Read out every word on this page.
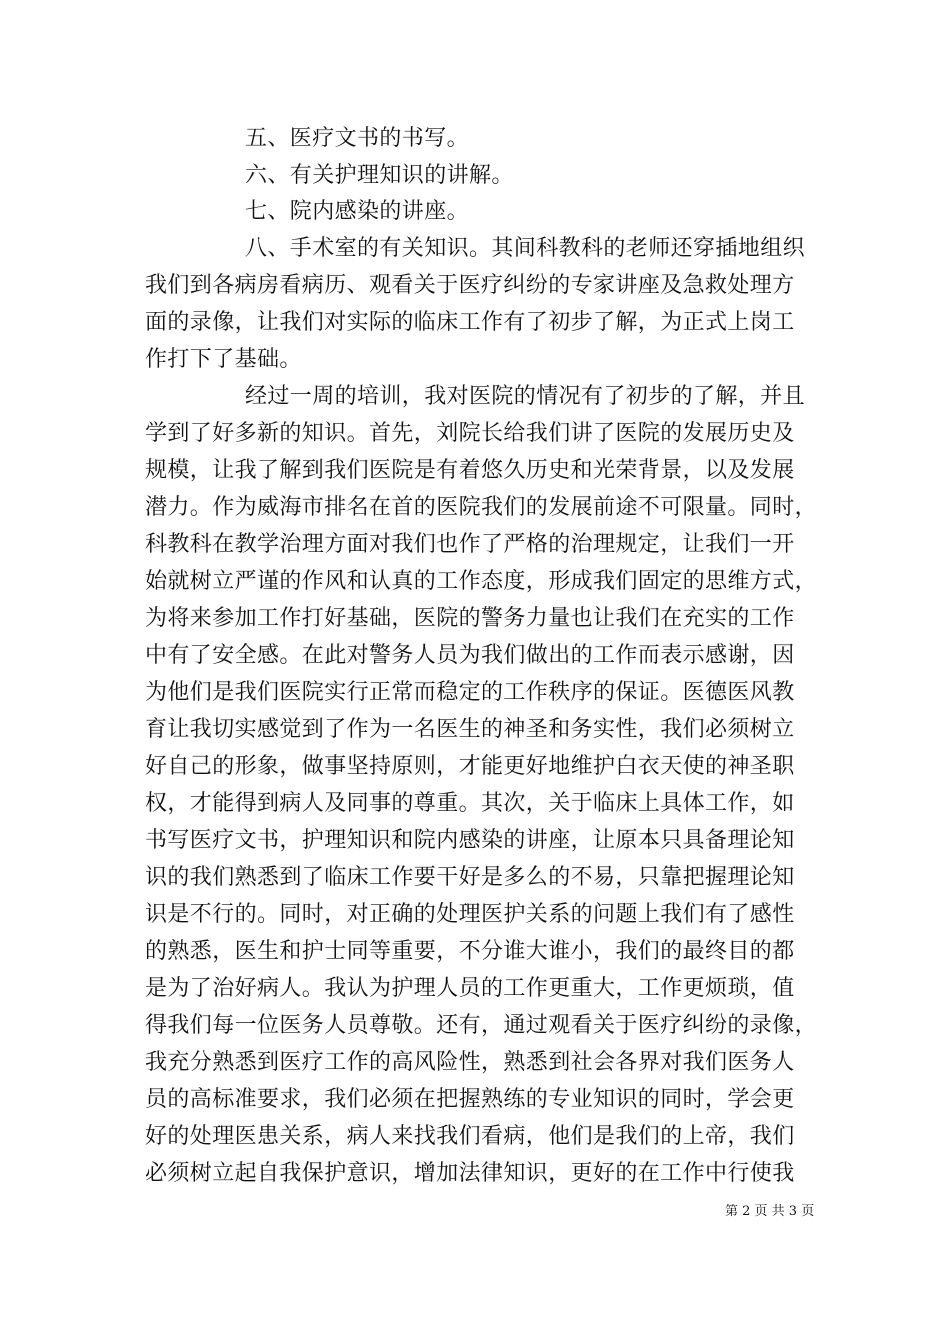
五、医疗文书的书写。
六、有关护理知识的讲解。
七、院内感染的讲座。
八、手术室的有关知识。其间科教科的老师还穿插地组织
我们到各病房看病历、观看关于医疗纠纷的专家讲座及急救处理方
面的录像，让我们对实际的临床工作有了初步了解，为正式上岗工
作打下了基础。
经过一周的培训，我对医院的情况有了初步的了解，并且
学到了好多新的知识。首先，刘院长给我们讲了医院的发展历史及
规模，让我了解到我们医院是有着悠久历史和光荣背景，以及发展
潜力。作为威海市排名在首的医院我们的发展前途不可限量。同时，
科教科在教学治理方面对我们也作了严格的治理规定，让我们一开
始就树立严谨的作风和认真的工作态度，形成我们固定的思维方式，
为将来参加工作打好基础，医院的警务力量也让我们在充实的工作
中有了安全感。在此对警务人员为我们做出的工作而表示感谢，因
为他们是我们医院实行正常而稳定的工作秩序的保证。医德医风教
育让我切实感觉到了作为一名医生的神圣和务实性，我们必须树立
好自己的形象，做事坚持原则，才能更好地维护白衣天使的神圣职
权，才能得到病人及同事的尊重。其次，关于临床上具体工作，如
书写医疗文书，护理知识和院内感染的讲座，让原本只具备理论知
识的我们熟悉到了临床工作要干好是多么的不易，只靠把握理论知
识是不行的。同时，对正确的处理医护关系的问题上我们有了感性
的熟悉，医生和护士同等重要，不分谁大谁小，我们的最终目的都
是为了治好病人。我认为护理人员的工作更重大，工作更烦琐，值
得我们每一位医务人员尊敬。还有，通过观看关于医疗纠纷的录像，
我充分熟悉到医疗工作的高风险性，熟悉到社会各界对我们医务人
员的高标准要求，我们必须在把握熟练的专业知识的同时，学会更
好的处理医患关系，病人来找我们看病，他们是我们的上帝，我们
必须树立起自我保护意识，增加法律知识，更好的在工作中行使我
第 2 页 共 3 页
